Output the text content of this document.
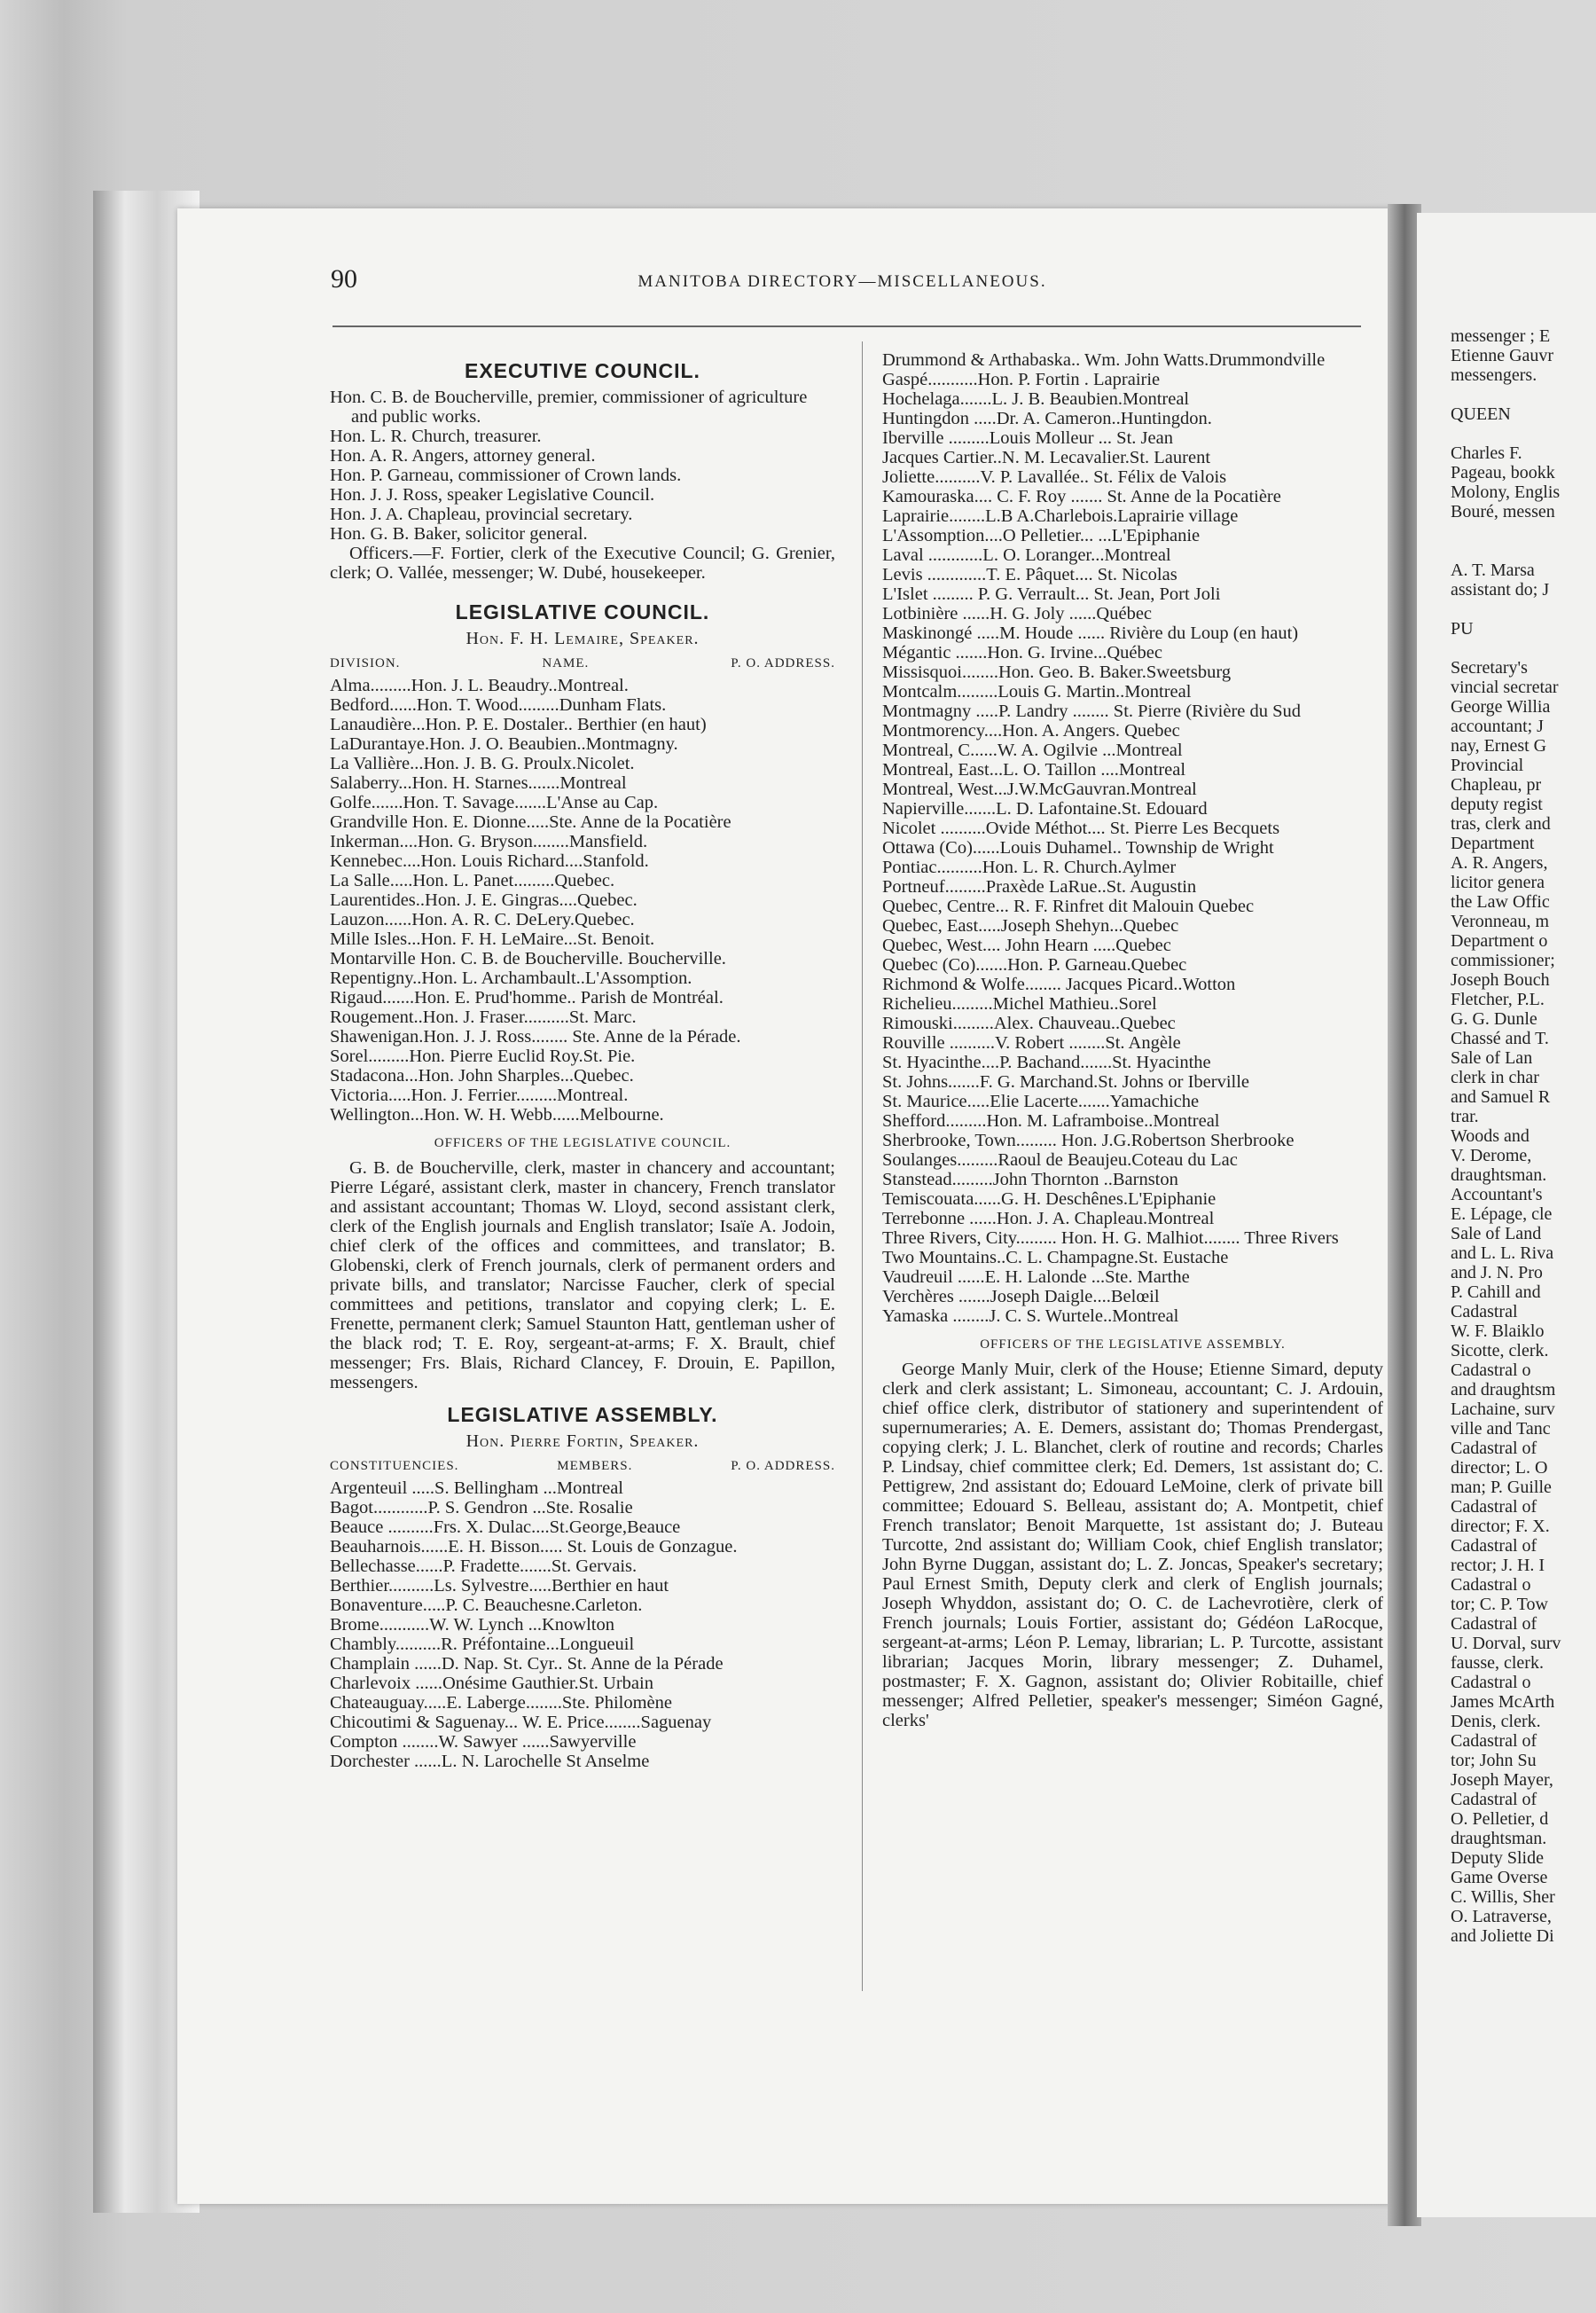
90	MANITOBA DIRECTORY—MISCELLANEOUS.
EXECUTIVE COUNCIL.
Hon. C. B. de Boucherville, premier, commissioner of agriculture and public works.
Hon. L. R. Church, treasurer.
Hon. A. R. Angers, attorney general.
Hon. P. Garneau, commissioner of Crown lands.
Hon. J. J. Ross, speaker Legislative Council.
Hon. J. A. Chapleau, provincial secretary.
Hon. G. B. Baker, solicitor general.
Officers.—F. Fortier, clerk of the Executive Council; G. Grenier, clerk; O. Vallée, messenger; W. Dubé, housekeeper.
LEGISLATIVE COUNCIL.
Hon. F. H. Lemaire, Speaker.
DIVISION.	NAME.	P. O. ADDRESS.
Alma.........Hon. J. L. Beaudry..Montreal.
Bedford......Hon. T. Wood.........Dunham Flats.
Lanaudière...Hon. P. E. Dostaler.. Berthier (en haut)
LaDurantaye.Hon. J. O. Beaubien..Montmagny.
La Vallière...Hon. J. B. G. Proulx.Nicolet.
Salaberry...Hon. H. Starnes.......Montreal
Golfe.......Hon. T. Savage.......L'Anse au Cap.
Grandville Hon. E. Dionne.....Ste. Anne de la Pocatière
Inkerman....Hon. G. Bryson........Mansfield.
Kennebec....Hon. Louis Richard....Stanfold.
La Salle.....Hon. L. Panet.........Quebec.
Laurentides..Hon. J. E. Gingras....Quebec.
Lauzon......Hon. A. R. C. DeLery.Quebec.
Mille Isles...Hon. F. H. LeMaire...St. Benoit.
Montarville Hon. C. B. de Boucherville. Boucherville.
Repentigny..Hon. L. Archambault..L'Assomption.
Rigaud.......Hon. E. Prud'homme.. Parish de Montréal.
Rougement..Hon. J. Fraser..........St. Marc.
Shawenigan.Hon. J. J. Ross........ Ste. Anne de la Pérade.
Sorel.........Hon. Pierre Euclid Roy.St. Pie.
Stadacona...Hon. John Sharples...Quebec.
Victoria.....Hon. J. Ferrier.........Montreal.
Wellington...Hon. W. H. Webb......Melbourne.
OFFICERS OF THE LEGISLATIVE COUNCIL.
G. B. de Boucherville, clerk, master in chancery and accountant; Pierre Légaré, assistant clerk, master in chancery, French translator and assistant accountant; Thomas W. Lloyd, second assistant clerk, clerk of the English journals and English translator; Isaïe A. Jodoin, chief clerk of the offices and committees, and translator; B. Globenski, clerk of French journals, clerk of permanent orders and private bills, and translator; Narcisse Faucher, clerk of special committees and petitions, translator and copying clerk; L. E. Frenette, permanent clerk; Samuel Staunton Hatt, gentleman usher of the black rod; T. E. Roy, sergeant-at-arms; F. X. Brault, chief messenger; Frs. Blais, Richard Clancey, F. Drouin, E. Papillon, messengers.
LEGISLATIVE ASSEMBLY.
Hon. Pierre Fortin, Speaker.
CONSTITUENCIES.	MEMBERS.	P. O. ADDRESS.
Argenteuil .....S. Bellingham ...Montreal
Bagot............P. S. Gendron ...Ste. Rosalie
Beauce ..........Frs. X. Dulac....St.George,Beauce
Beauharnois......E. H. Bisson..... St. Louis de Gonzague.
Bellechasse......P. Fradette.......St. Gervais.
Berthier..........Ls. Sylvestre.....Berthier en haut
Bonaventure.....P. C. Beauchesne.Carleton.
Brome...........W. W. Lynch ...Knowlton
Chambly..........R. Préfontaine...Longueuil
Champlain ......D. Nap. St. Cyr.. St. Anne de la Pérade
Charlevoix ......Onésime Gauthier.St. Urbain
Chateauguay.....E. Laberge........Ste. Philomène
Chicoutimi & Saguenay... W. E. Price........Saguenay
Compton ........W. Sawyer ......Sawyerville
Dorchester ......L. N. Larochelle St Anselme
Drummond & Arthabaska.. Wm. John Watts.Drummondville
Gaspé...........Hon. P. Fortin . Laprairie
Hochelaga.......L. J. B. Beaubien.Montreal
Huntingdon .....Dr. A. Cameron..Huntingdon.
Iberville .........Louis Molleur ... St. Jean
Jacques Cartier..N. M. Lecavalier.St. Laurent
Joliette..........V. P. Lavallée.. St. Félix de Valois
Kamouraska.... C. F. Roy ....... St. Anne de la Pocatière
Laprairie........L.B A.Charlebois.Laprairie village
L'Assomption....O Pelletier... ...L'Epiphanie
Laval ............L. O. Loranger...Montreal
Levis .............T. E. Pâquet.... St. Nicolas
L'Islet ......... P. G. Verrault... St. Jean, Port Joli
Lotbinière ......H. G. Joly ......Québec
Maskinongé .....M. Houde ...... Rivière du Loup (en haut)
Mégantic .......Hon. G. Irvine...Québec
Missisquoi........Hon. Geo. B. Baker.Sweetsburg
Montcalm.........Louis G. Martin..Montreal
Montmagny .....P. Landry ........ St. Pierre (Rivière du Sud
Montmorency....Hon. A. Angers. Quebec
Montreal, C......W. A. Ogilvie ...Montreal
Montreal, East...L. O. Taillon ....Montreal
Montreal, West...J.W.McGauvran.Montreal
Napierville.......L. D. Lafontaine.St. Edouard
Nicolet ..........Ovide Méthot.... St. Pierre Les Becquets
Ottawa (Co)......Louis Duhamel.. Township de Wright
Pontiac..........Hon. L. R. Church.Aylmer
Portneuf.........Praxède LaRue..St. Augustin
Quebec, Centre... R. F. Rinfret dit Malouin Quebec
Quebec, East.....Joseph Shehyn...Quebec
Quebec, West.... John Hearn .....Quebec
Quebec (Co).......Hon. P. Garneau.Quebec
Richmond & Wolfe........ Jacques Picard..Wotton
Richelieu.........Michel Mathieu..Sorel
Rimouski.........Alex. Chauveau..Quebec
Rouville ..........V. Robert ........St. Angèle
St. Hyacinthe....P. Bachand.......St. Hyacinthe
St. Johns.......F. G. Marchand.St. Johns or Iberville
St. Maurice.....Elie Lacerte.......Yamachiche
Shefford.........Hon. M. Laframboise..Montreal
Sherbrooke, Town......... Hon. J.G.Robertson Sherbrooke
Soulanges.........Raoul de Beaujeu.Coteau du Lac
Stanstead.........John Thornton ..Barnston
Temiscouata......G. H. Deschênes.L'Epiphanie
Terrebonne ......Hon. J. A. Chapleau.Montreal
Three Rivers, City......... Hon. H. G. Malhiot........ Three Rivers
Two Mountains..C. L. Champagne.St. Eustache
Vaudreuil ......E. H. Lalonde ...Ste. Marthe
Verchères .......Joseph Daigle....Belœil
Yamaska ........J. C. S. Wurtele..Montreal
OFFICERS OF THE LEGISLATIVE ASSEMBLY.
George Manly Muir, clerk of the House; Etienne Simard, deputy clerk and clerk assistant; L. Simoneau, accountant; C. J. Ardouin, chief office clerk, distributor of stationery and superintendent of supernumeraries; A. E. Demers, assistant do; Thomas Prendergast, copying clerk; J. L. Blanchet, clerk of routine and records; Charles P. Lindsay, chief committee clerk; Ed. Demers, 1st assistant do; C. Pettigrew, 2nd assistant do; Edouard LeMoine, clerk of private bill committee; Edouard S. Belleau, assistant do; A. Montpetit, chief French translator; Benoit Marquette, 1st assistant do; J. Buteau Turcotte, 2nd assistant do; William Cook, chief English translator; John Byrne Duggan, assistant do; L. Z. Joncas, Speaker's secretary; Paul Ernest Smith, Deputy clerk and clerk of English journals; Joseph Whyddon, assistant do; O. C. de Lachevrotière, clerk of French journals; Louis Fortier, assistant do; Gédéon LaRocque, sergeant-at-arms; Léon P. Lemay, librarian; L. P. Turcotte, assistant librarian; Jacques Morin, library messenger; Z. Duhamel, postmaster; F. X. Gagnon, assistant do; Olivier Robitaille, chief messenger; Alfred Pelletier, speaker's messenger; Siméon Gagné, clerks'
messenger ; E
Etienne Gauvr
messengers.

QUEEN

Charles F.
Pageau, bookk
Molony, Englis
Bouré, messen

A. T. Marsa
assistant do; J

PU

Secretary's
vincial secretar
George Willia
accountant; J
nay, Ernest G
Provincial
Chapleau, pr
deputy regist
tras, clerk and
Department
A. R. Angers,
licitor genera
the Law Offic
Veronneau, m
Department o
commissioner;
Joseph Bouch
Fletcher, P.L.
G. G. Dunle
Chassé and T.
Sale of Lan
clerk in char
and Samuel R
trar.
Woods and
V. Derome,
draughtsman.
Accountant's
E. Lépage, cle
Sale of Land
and L. L. Riva
and J. N. Pro
P. Cahill and
Cadastral
W. F. Blaiklo
Sicotte, clerk.
Cadastral o
and draughtsm
Lachaine, surv
ville and Tanc
Cadastral of
director; L. O
man; P. Guille
Cadastral of
director; F. X.
Cadastral of
rector; J. H. I
Cadastral o
tor; C. P. Tow
Cadastral of
U. Dorval, surv
fausse, clerk.
Cadastral o
James McArth
Denis, clerk.
Cadastral of
tor; John Su
Joseph Mayer,
Cadastral of
O. Pelletier, d
draughtsman.
Deputy Slide
Game Overse
C. Willis, Sher
O. Latraverse,
and Joliette Di
